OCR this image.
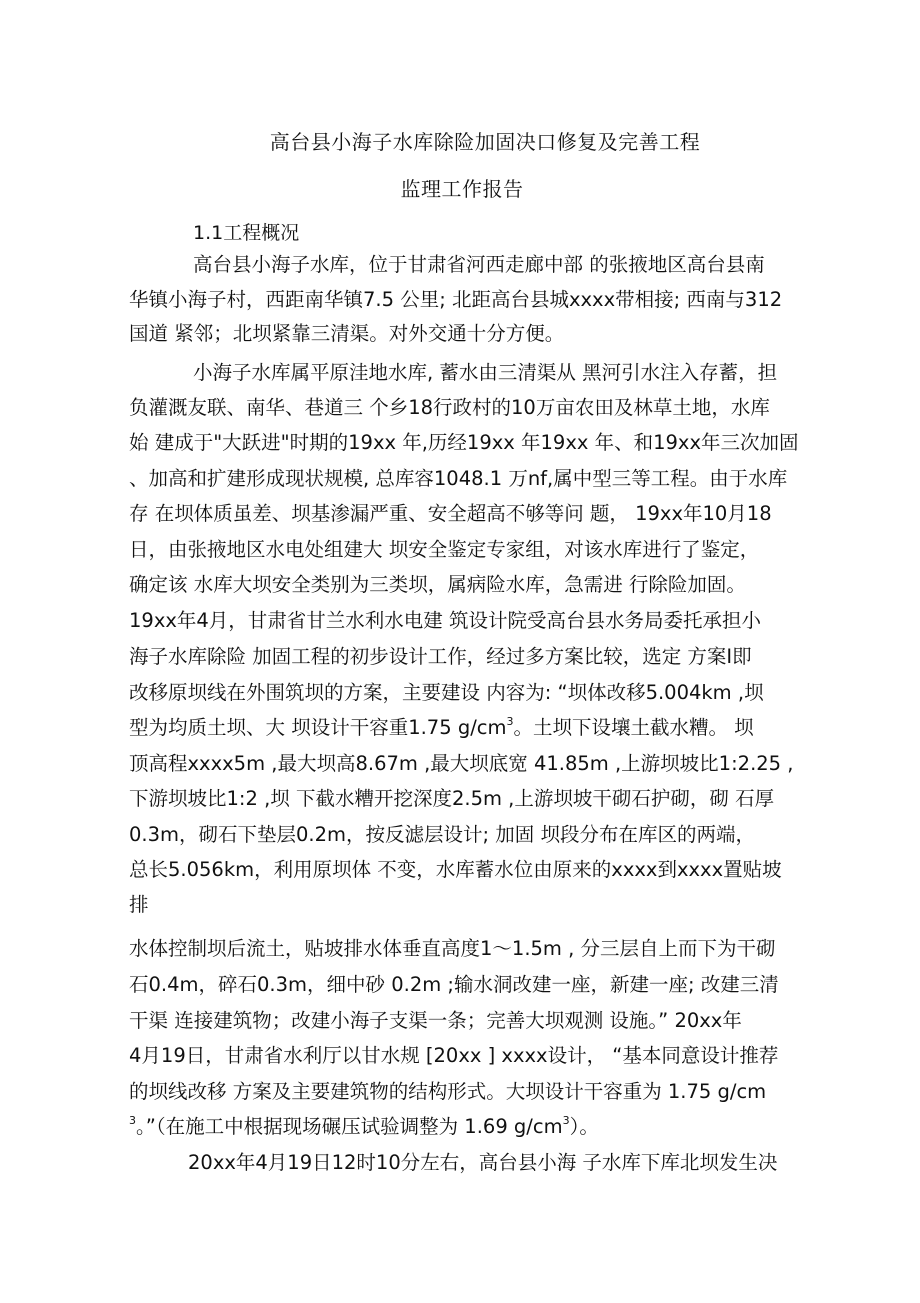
高台县小海子水库除险加固决口修复及完善工程
监理工作报告
1.1工程概况
高台县小海子水库，位于甘肃省河西走廊中部 的张掖地区高台县南
华镇小海子村，西距南华镇7.5 公里; 北距高台县城xxxx带相接; 西南与312
国道 紧邻；北坝紧靠三清渠。对外交通十分方便。
小海子水库属平原洼地水库, 蓄水由三清渠从 黑河引水注入存蓄，担
负灌溉友联、南华、巷道三 个乡18行政村的10万亩农田及林草土地，水库
始 建成于"大跃进"时期的19xx 年,历经19xx 年19xx 年、和19xx年三次加固
、加高和扩建形成现状规模, 总库容1048.1 万nf,属中型三等工程。由于水库
存 在坝体质虽差、坝基渗漏严重、安全超高不够等问 题， 19xx年10月18
日，由张掖地区水电处组建大 坝安全鉴定专家组，对该水库进行了鉴定，
确定该 水库大坝安全类别为三类坝，属病险水库，急需进 行除险加固。
19xx年4月，甘肃省甘兰水利水电建 筑设计院受高台县水务局委托承担小
海子水库除险 加固工程的初步设计工作，经过多方案比较，选定 方案I即
改移原坝线在外围筑坝的方案，主要建设 内容为: “坝体改移5.004km ,坝
型为均质土坝、大 坝设计干容重1.75 $g/cm^3$。土坝下设壤土截水糟。 坝
顶高程xxxx5m ,最大坝高8.67m ,最大坝底宽 41.85m ,上游坝坡比1:2.25 ,
下游坝坡比1:2 ,坝 下截水糟开挖深度2.5m ,上游坝坡干砌石护砌，砌 石厚
0.3m，砌石下垫层0.2m，按反滤层设计; 加固 坝段分布在库区的两端，
总长5.056km，利用原坝体 不变，水库蓄水位由原来的xxxx到xxxx置贴坡
排
水体控制坝后流土，贴坡排水体垂直高度1～1.5m , 分三层自上而下为干砌
石0.4m，碎石0.3m，细中砂 0.2m ;输水洞改建一座，新建一座; 改建三清
干渠 连接建筑物；改建小海子支渠一条；完善大坝观测 设施。” 20xx年
4月19日，甘肃省水利厅以甘水规 [20xx ] xxxx设计， “基本同意设计推荐
的坝线改移 方案及主要建筑物的结构形式。大坝设计干容重为 1.75 g/cm
$^3$。”（在施工中根据现场碾压试验调整为 1.69 $g/cm^3$）。
20xx年4月19日12时10分左右，高台县小海 子水库下库北坝发生决
